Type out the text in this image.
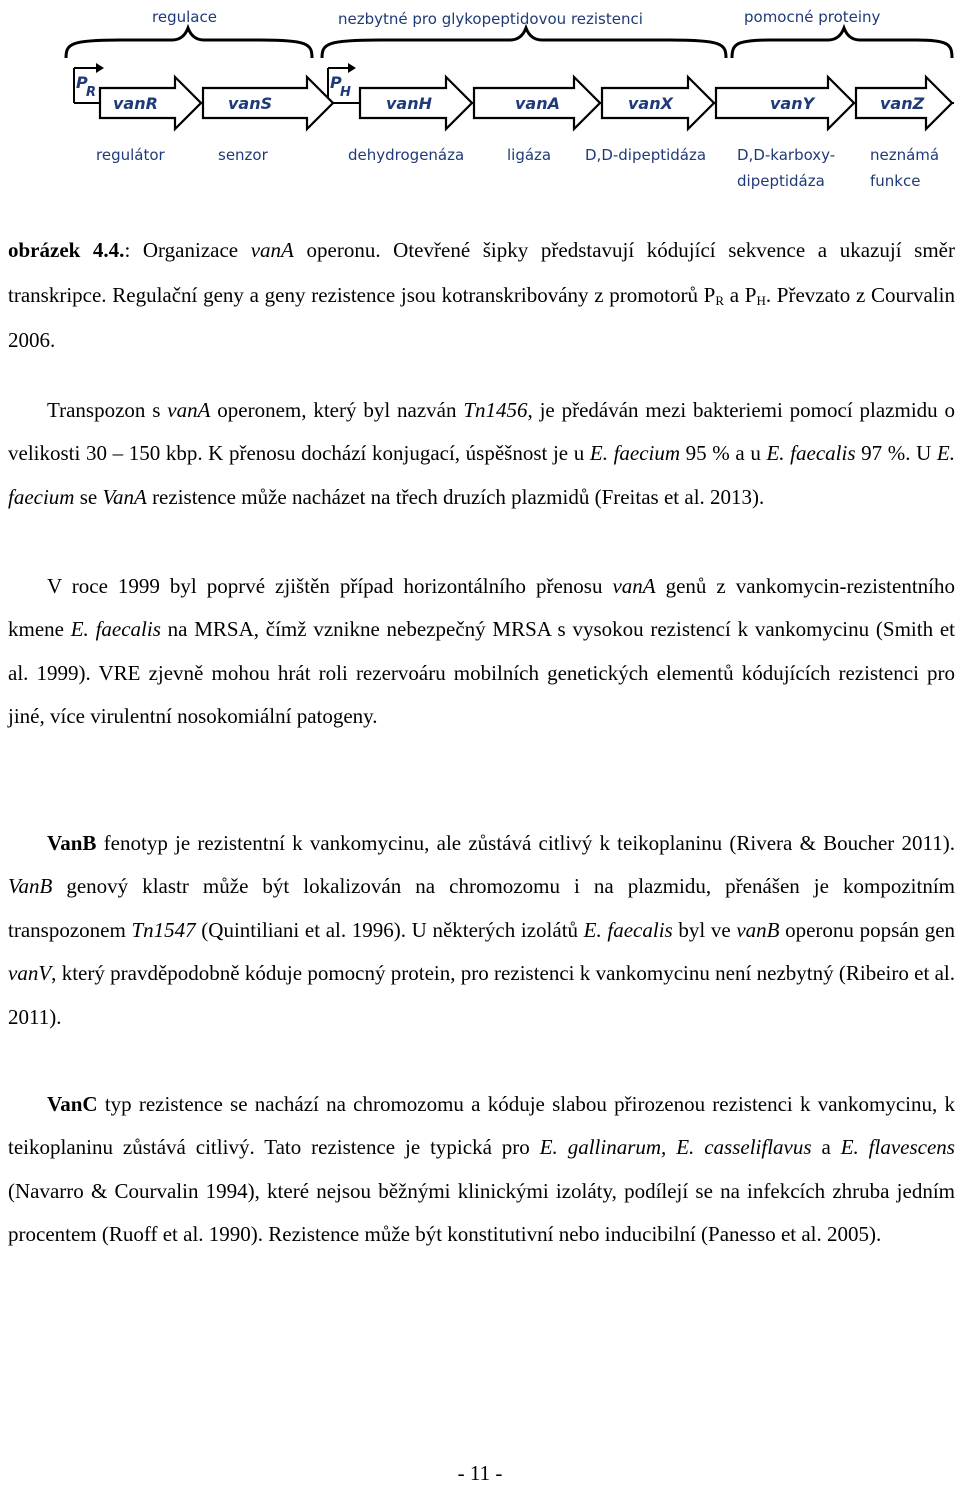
regulace	nezbytné pro glykopeptidovou rezistenci	pomocné proteiny
P
R
P
H
vanR	vanS	vanH	vanA	vanX	vanY	vanZ
regulátor	senzor	dehydrogenáza	ligáza D,D-dipeptidáza D,D-karboxy-
dipeptidáza
neznámá
funkce

obrázek 4.4.: Organizace vanA operonu. Otevřené šipky představují kódující sekvence a ukazují směr transkripce. Regulační geny a geny rezistence jsou kotranskribovány z promotorů $P_R$ a $P_H$. Převzato z Courvalin 2006.

Transpozon s vanA operonem, který byl nazván Tn1456, je předáván mezi bakteriemi pomocí plazmidu o velikosti 30 – 150 kbp. K přenosu dochází konjugací, úspěšnost je u E. faecium 95 % a u E. faecalis 97 %. U E. faecium se VanA rezistence může nacházet na třech druzích plazmidů (Freitas et al. 2013).

V roce 1999 byl poprvé zjištěn případ horizontálního přenosu vanA genů z vankomycin-rezistentního kmene E. faecalis na MRSA, čímž vznikne nebezpečný MRSA s vysokou rezistencí k vankomycinu (Smith et al. 1999). VRE zjevně mohou hrát roli rezervoáru mobilních genetických elementů kódujících rezistenci pro jiné, více virulentní nosokomiální patogeny.

VanB fenotyp je rezistentní k vankomycinu, ale zůstává citlivý k teikoplaninu (Rivera & Boucher 2011). VanB genový klastr může být lokalizován na chromozomu i na plazmidu, přenášen je kompozitním transpozonem Tn1547 (Quintiliani et al. 1996). U některých izolátů E. faecalis byl ve vanB operonu popsán gen vanV, který pravděpodobně kóduje pomocný protein, pro rezistenci k vankomycinu není nezbytný (Ribeiro et al. 2011).

VanC typ rezistence se nachází na chromozomu a kóduje slabou přirozenou rezistenci k vankomycinu, k teikoplaninu zůstává citlivý. Tato rezistence je typická pro E. gallinarum, E. casseliflavus a E. flavescens (Navarro & Courvalin 1994), které nejsou běžnými klinickými izoláty, podílejí se na infekcích zhruba jedním procentem (Ruoff et al. 1990). Rezistence může být konstitutivní nebo inducibilní (Panesso et al. 2005).

- 11 -
